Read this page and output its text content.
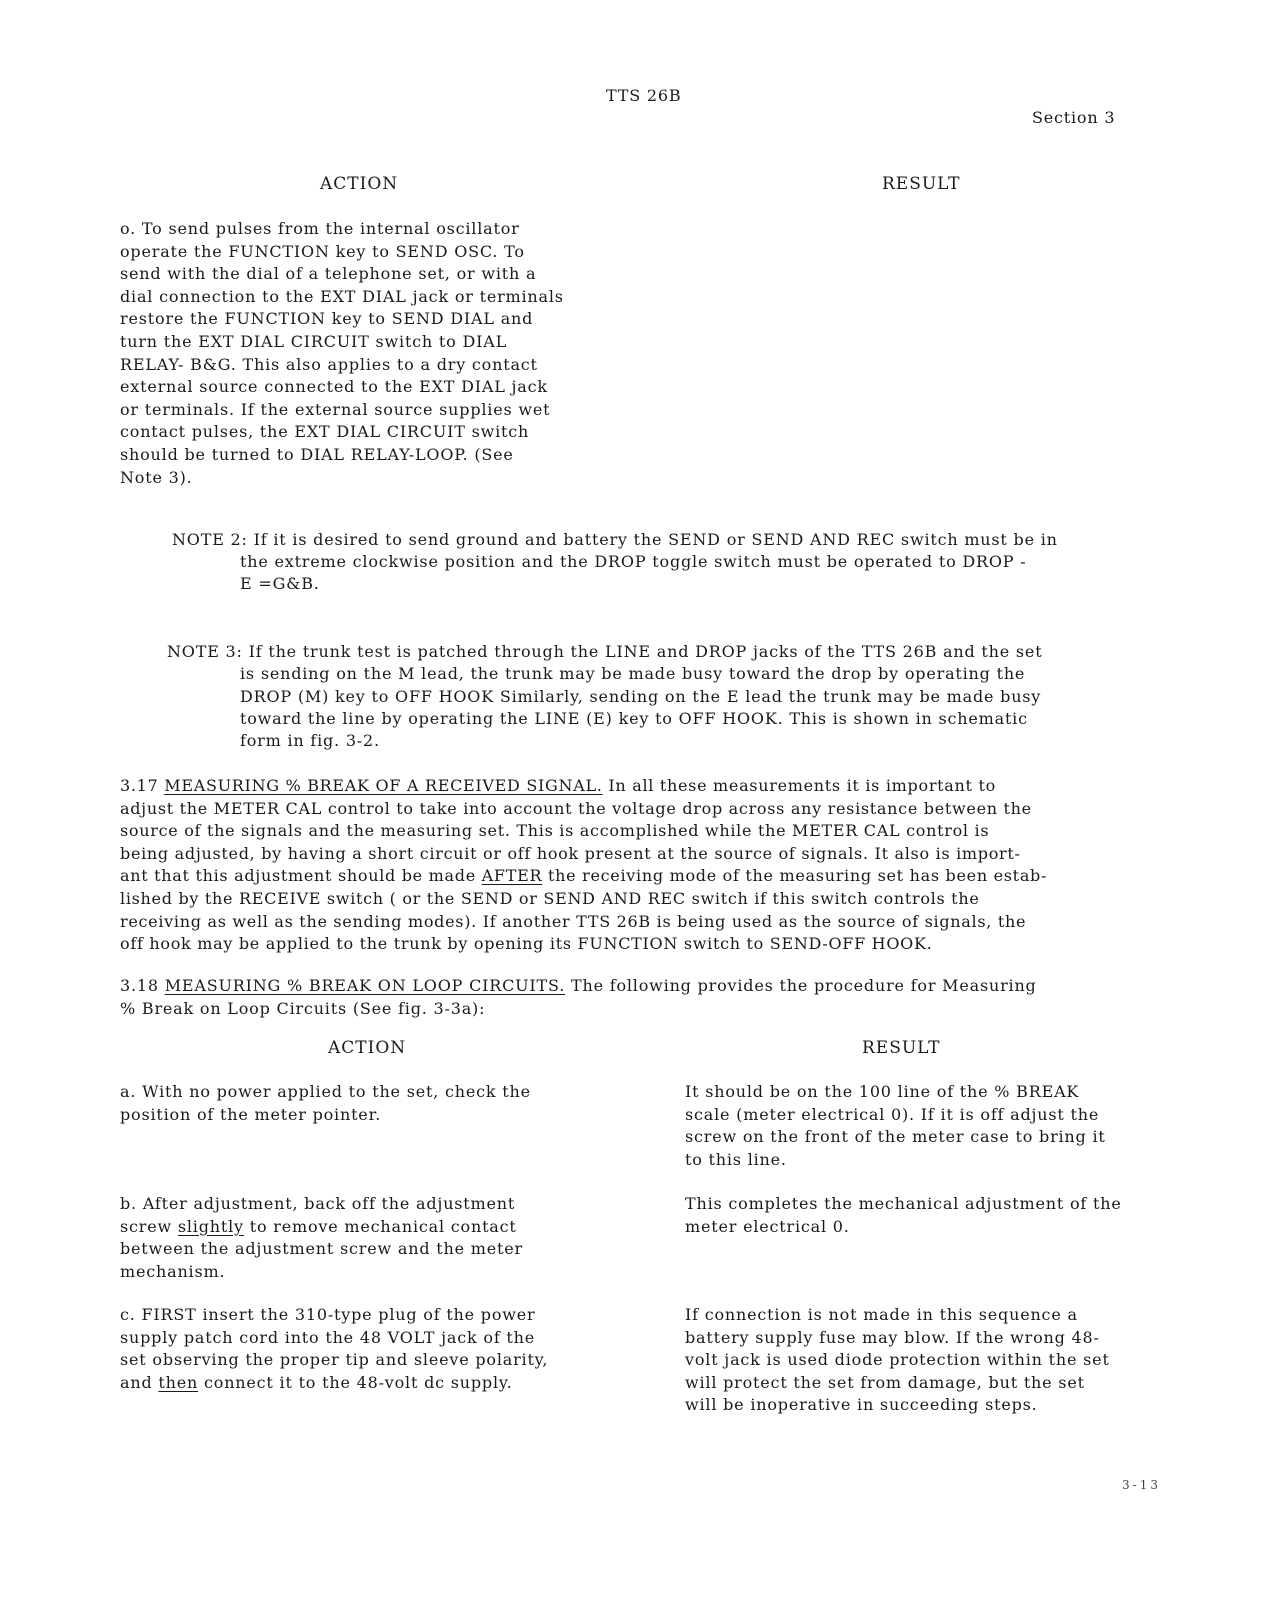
TTS 26B
Section 3
ACTION	RESULT
o. To send pulses from the internal oscillator
operate the FUNCTION key to SEND OSC. To
send with the dial of a telephone set, or with a
dial connection to the EXT DIAL jack or terminals
restore the FUNCTION key to SEND DIAL and
turn the EXT DIAL CIRCUIT switch to DIAL
RELAY- B&G. This also applies to a dry contact
external source connected to the EXT DIAL jack
or terminals. If the external source supplies wet
contact pulses, the EXT DIAL CIRCUIT switch
should be turned to DIAL RELAY-LOOP. (See
Note 3).
NOTE 2: If it is desired to send ground and battery the SEND or SEND AND REC switch must be in
the extreme clockwise position and the DROP toggle switch must be operated to DROP -
E =G&B.
NOTE 3: If the trunk test is patched through the LINE and DROP jacks of the TTS 26B and the set
is sending on the M lead, the trunk may be made busy toward the drop by operating the
DROP (M) key to OFF HOOK Similarly, sending on the E lead the trunk may be made busy
toward the line by operating the LINE (E) key to OFF HOOK. This is shown in schematic
form in fig. 3-2.
3.17 MEASURING % BREAK OF A RECEIVED SIGNAL. In all these measurements it is important to
adjust the METER CAL control to take into account the voltage drop across any resistance between the
source of the signals and the measuring set. This is accomplished while the METER CAL control is
being adjusted, by having a short circuit or off hook present at the source of signals. It also is import-
ant that this adjustment should be made AFTER the receiving mode of the measuring set has been estab-
lished by the RECEIVE switch ( or the SEND or SEND AND REC switch if this switch controls the
receiving as well as the sending modes). If another TTS 26B is being used as the source of signals, the
off hook may be applied to the trunk by opening its FUNCTION switch to SEND-OFF HOOK.
3.18 MEASURING % BREAK ON LOOP CIRCUITS. The following provides the procedure for Measuring
% Break on Loop Circuits (See fig. 3-3a):
ACTION	RESULT
a. With no power applied to the set, check the
position of the meter pointer.
It should be on the 100 line of the % BREAK
scale (meter electrical 0). If it is off adjust the
screw on the front of the meter case to bring it
to this line.
b. After adjustment, back off the adjustment
screw slightly to remove mechanical contact
between the adjustment screw and the meter
mechanism.
This completes the mechanical adjustment of the
meter electrical 0.
c. FIRST insert the 310-type plug of the power
supply patch cord into the 48 VOLT jack of the
set observing the proper tip and sleeve polarity,
and then connect it to the 48-volt dc supply.
If connection is not made in this sequence a
battery supply fuse may blow. If the wrong 48-
volt jack is used diode protection within the set
will protect the set from damage, but the set
will be inoperative in succeeding steps.
3-13
